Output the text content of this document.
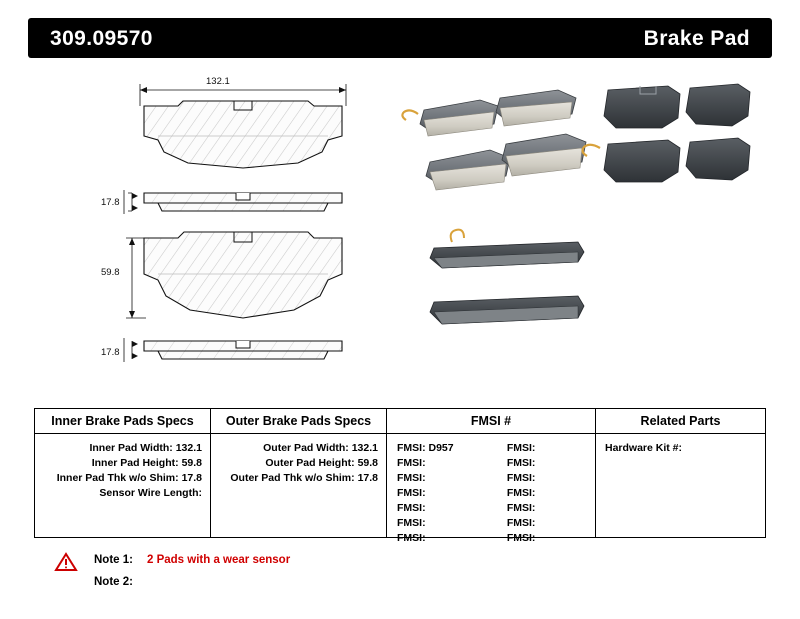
309.09570	Brake Pad
132.1
17.8
59.8
17.8
Inner Brake Pads Specs	Outer Brake Pads Specs	FMSI #	Related Parts
Inner Pad Width: 132.1
Inner Pad Height: 59.8
Inner Pad Thk w/o Shim: 17.8
Sensor Wire Length:
Outer Pad Width: 132.1
Outer Pad Height: 59.8
Outer Pad Thk w/o Shim: 17.8
FMSI: D957	FMSI:
FMSI:	FMSI:
FMSI:	FMSI:
FMSI:	FMSI:
FMSI:	FMSI:
FMSI:	FMSI:
FMSI:	FMSI:
Hardware Kit #:
Note 1: 2 Pads with a wear sensor
Note 2:
